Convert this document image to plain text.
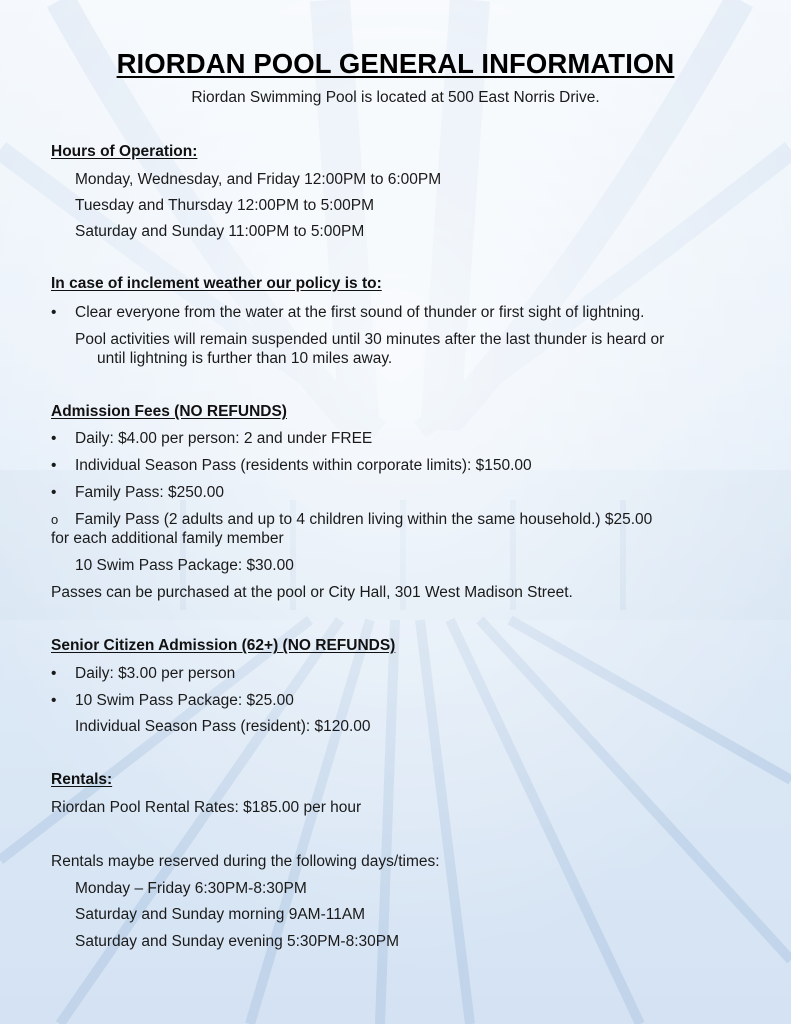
RIORDAN POOL GENERAL INFORMATION
Riordan Swimming Pool is located at 500 East Norris Drive.
Hours of Operation:
Monday, Wednesday, and Friday 12:00PM to 6:00PM
Tuesday and Thursday 12:00PM to 5:00PM
Saturday and Sunday 11:00PM to 5:00PM
In case of inclement weather our policy is to:
• Clear everyone from the water at the first sound of thunder or first sight of lightning.
Pool activities will remain suspended until 30 minutes after the last thunder is heard or
until lightning is further than 10 miles away.
Admission Fees (NO REFUNDS)
• Daily: $4.00 per person: 2 and under FREE
• Individual Season Pass (residents within corporate limits): $150.00
• Family Pass: $250.00
o Family Pass (2 adults and up to 4 children living within the same household.) $25.00
for each additional family member
10 Swim Pass Package: $30.00
Passes can be purchased at the pool or City Hall, 301 West Madison Street.
Senior Citizen Admission (62+) (NO REFUNDS)
• Daily: $3.00 per person
• 10 Swim Pass Package: $25.00
Individual Season Pass (resident): $120.00
Rentals:
Riordan Pool Rental Rates: $185.00 per hour
Rentals maybe reserved during the following days/times:
Monday – Friday 6:30PM-8:30PM
Saturday and Sunday morning 9AM-11AM
Saturday and Sunday evening 5:30PM-8:30PM
